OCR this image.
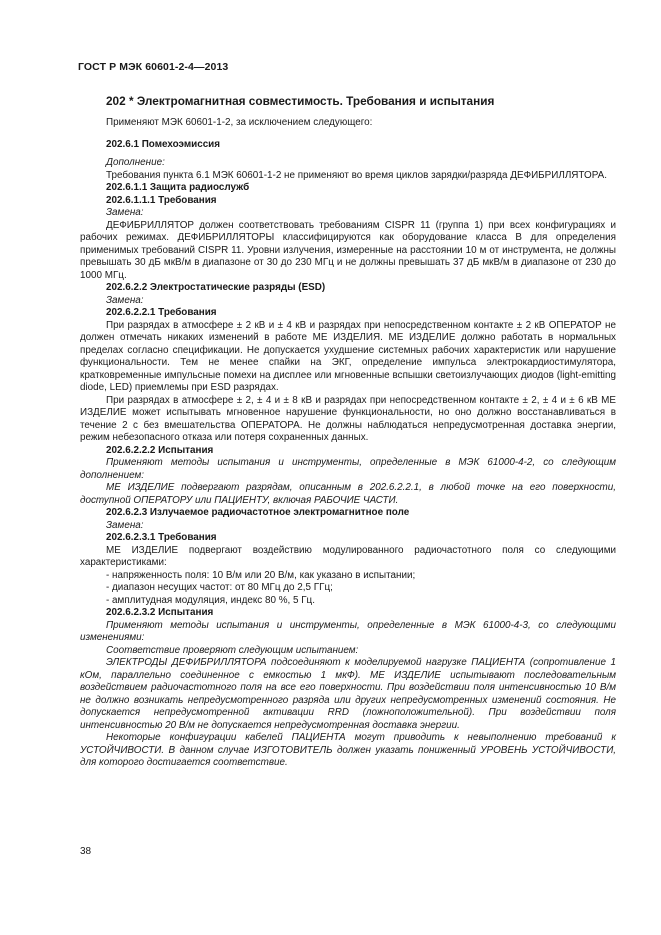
ГОСТ Р МЭК 60601-2-4—2013

202 * Электромагнитная совместимость. Требования и испытания

Применяют МЭК 60601-1-2, за исключением следующего:

202.6.1 Помехоэмиссия

Дополнение:

Требования пункта 6.1 МЭК 60601-1-2 не применяют во время циклов зарядки/разряда ДЕФИБРИЛЛЯТОРА.

202.6.1.1 Защита радиослужб

202.6.1.1.1 Требования

Замена:

ДЕФИБРИЛЛЯТОР должен соответствовать требованиям CISPR 11 (группа 1) при всех конфигурациях и рабочих режимах. ДЕФИБРИЛЛЯТОРЫ классифицируются как оборудование класса В для определения применимых требований CISPR 11. Уровни излучения, измеренные на расстоянии 10 м от инструмента, не должны превышать 30 дБ мкВ/м в диапазоне от 30 до 230 МГц и не должны превышать 37 дБ мкВ/м в диапазоне от 230 до 1000 МГц.

202.6.2.2 Электростатические разряды (ESD)

Замена:

202.6.2.2.1 Требования

При разрядах в атмосфере ± 2 кВ и ± 4 кВ и разрядах при непосредственном контакте ± 2 кВ ОПЕРАТОР не должен отмечать никаких изменений в работе МЕ ИЗДЕЛИЯ. МЕ ИЗДЕЛИЕ должно работать в нормальных пределах согласно спецификации. Не допускается ухудшение системных рабочих характеристик или нарушение функциональности. Тем не менее спайки на ЭКГ, определение импульса электрокардиостимулятора, кратковременные импульсные помехи на дисплее или мгновенные вспышки светоизлучающих диодов (light-emitting diode, LED) приемлемы при ESD разрядах.

При разрядах в атмосфере ± 2, ± 4 и ± 8 кВ и разрядах при непосредственном контакте ± 2, ± 4 и ± 6 кВ МЕ ИЗДЕЛИЕ может испытывать мгновенное нарушение функциональности, но оно должно восстанавливаться в течение 2 с без вмешательства ОПЕРАТОРА. Не должны наблюдаться непредусмотренная доставка энергии, режим небезопасного отказа или потеря сохраненных данных.

202.6.2.2.2 Испытания

Применяют методы испытания и инструменты, определенные в МЭК 61000-4-2, со следующим дополнением:

МЕ ИЗДЕЛИЕ подвергают разрядам, описанным в 202.6.2.2.1, в любой точке на его поверхности, доступной ОПЕРАТОРУ или ПАЦИЕНТУ, включая РАБОЧИЕ ЧАСТИ.

202.6.2.3 Излучаемое радиочастотное электромагнитное поле

Замена:

202.6.2.3.1 Требования

МЕ ИЗДЕЛИЕ подвергают воздействию модулированного радиочастотного поля со следующими характеристиками:

- напряженность поля: 10 В/м или 20 В/м, как указано в испытании;

- диапазон несущих частот: от 80 МГц до 2,5 ГГц;

- амплитудная модуляция, индекс 80 %, 5 Гц.

202.6.2.3.2 Испытания

Применяют методы испытания и инструменты, определенные в МЭК 61000-4-3, со следующими изменениями:

Соответствие проверяют следующим испытанием:

ЭЛЕКТРОДЫ ДЕФИБРИЛЛЯТОРА подсоединяют к моделируемой нагрузке ПАЦИЕНТА (сопротивление 1 кОм, параллельно соединенное с емкостью 1 мкФ). МЕ ИЗДЕЛИЕ испытывают последовательным воздействием радиочастотного поля на все его поверхности. При воздействии поля интенсивностью 10 В/м не должно возникать непредусмотренного разряда или других непредусмотренных изменений состояния. Не допускается непредусмотренной активации RRD (ложноположительной). При воздействии поля интенсивностью 20 В/м не допускается непредусмотренная доставка энергии.

Некоторые конфигурации кабелей ПАЦИЕНТА могут приводить к невыполнению требований к УСТОЙЧИВОСТИ. В данном случае ИЗГОТОВИТЕЛЬ должен указать пониженный УРОВЕНЬ УСТОЙЧИВОСТИ, для которого достигается соответствие.

38
